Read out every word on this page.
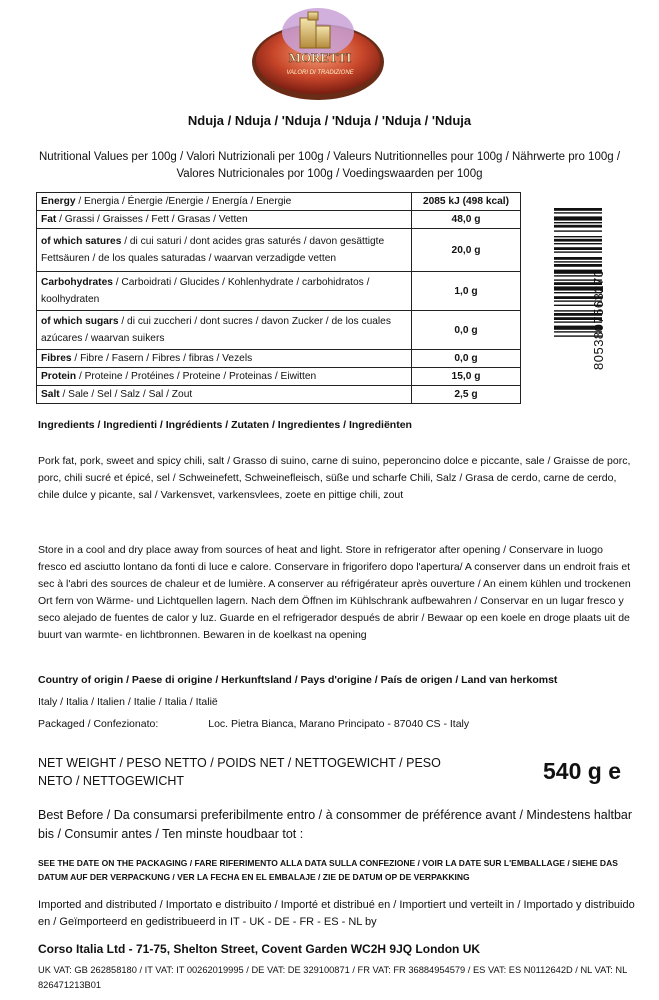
MORETTI
VALORI DI TRADIZIONE
Nduja / Nduja / 'Nduja / 'Nduja / 'Nduja / 'Nduja
Nutritional Values per 100g / Valori Nutrizionali per 100g / Valeurs Nutritionnelles pour 100g / Nährwerte pro 100g /
Valores Nutricionales por 100g / Voedingswaarden per 100g
Energy / Energia / Énergie /Energie / Energía / Energie	2085 kJ (498 kcal)
Fat / Grassi / Graisses / Fett / Grasas / Vetten	48,0 g
of which satures / di cui saturi / dont acides gras saturés / davon gesättigte Fettsäuren / de los quales saturadas / waarvan verzadigde vetten	20,0 g
Carbohydrates / Carboidrati / Glucides / Kohlenhydrate / carbohidratos / koolhydraten	1,0 g
of which sugars / di cui zuccheri / dont sucres / davon Zucker / de los cuales azúcares / waarvan suikers	0,0 g
Fibres / Fibre / Fasern / Fibres / fibras / Vezels	0,0 g
Protein / Proteine / Protéines / Proteine / Proteinas / Eiwitten	15,0 g
Salt / Sale / Sel / Salz / Sal / Zout	2,5 g
8053807563270
Ingredients / Ingredienti / Ingrédients / Zutaten / Ingredientes / Ingrediënten
Pork fat, pork, sweet and spicy chili, salt / Grasso di suino, carne di suino, peperoncino dolce e piccante, sale / Graisse de porc, porc, chili sucré et épicé, sel / Schweinefett, Schweinefleisch, süße und scharfe Chili, Salz / Grasa de cerdo, carne de cerdo, chile dulce y picante, sal / Varkensvet, varkensvlees, zoete en pittige chili, zout
Store in a cool and dry place away from sources of heat and light. Store in refrigerator after opening / Conservare in luogo fresco ed asciutto lontano da fonti di luce e calore. Conservare in frigorifero dopo l'apertura/ A conserver dans un endroit frais et sec à l'abri des sources de chaleur et de lumière. A conserver au réfrigérateur après ouverture / An einem kühlen und trockenen Ort fern von Wärme- und Lichtquellen lagern. Nach dem Öffnen im Kühlschrank aufbewahren / Conservar en un lugar fresco y seco alejado de fuentes de calor y luz. Guarde en el refrigerador después de abrir / Bewaar op een koele en droge plaats uit de buurt van warmte- en lichtbronnen. Bewaren in de koelkast na opening
Country of origin / Paese di origine / Herkunftsland / Pays d'origine / País de origen / Land van herkomst
Italy / Italia / Italien / Italie / Italia / Italië
Packaged / Confezionato:	Loc. Pietra Bianca, Marano Principato - 87040 CS - Italy
NET WEIGHT / PESO NETTO / POIDS NET / NETTOGEWICHT / PESO NETO / NETTOGEWICHT	540 g e
Best Before / Da consumarsi preferibilmente entro / à consommer de préférence avant / Mindestens haltbar bis / Consumir antes / Ten minste houdbaar tot :
SEE THE DATE ON THE PACKAGING / FARE RIFERIMENTO ALLA DATA SULLA CONFEZIONE / VOIR LA DATE SUR L'EMBALLAGE / SIEHE DAS DATUM AUF DER VERPACKUNG / VER LA FECHA EN EL EMBALAJE / ZIE DE DATUM OP DE VERPAKKING
Imported and distributed / Importato e distribuito / Importé et distribué en / Importiert und verteilt in / Importado y distribuido en / Geïmporteerd en gedistribueerd in IT - UK - DE - FR - ES - NL by
Corso Italia Ltd - 71-75, Shelton Street, Covent Garden WC2H 9JQ London UK
UK VAT: GB 262858180 / IT VAT: IT 00262019995 / DE VAT: DE 329100871 / FR VAT: FR 36884954579 / ES VAT: ES N0112642D / NL VAT: NL 826471213B01
